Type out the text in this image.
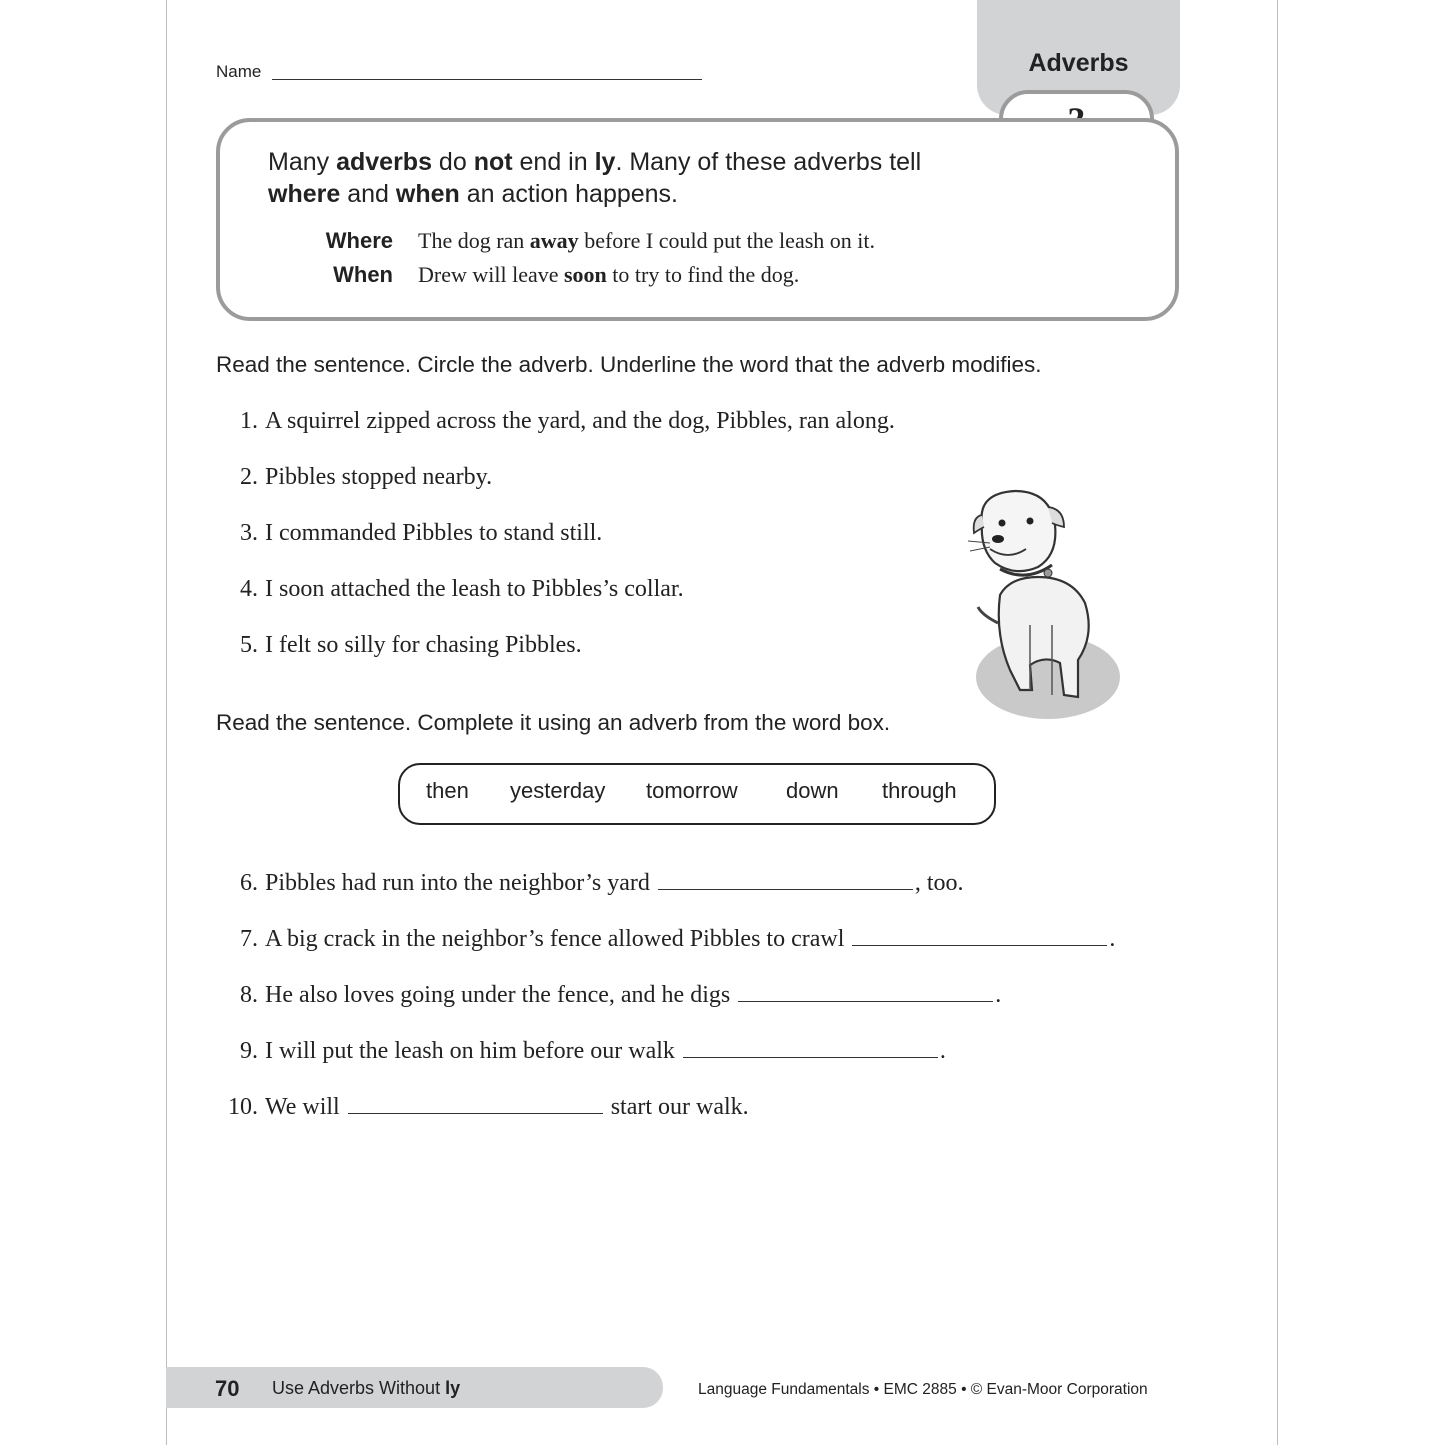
Name	Adverbs
Many adverbs do not end in ly. Many of these adverbs tell where and when an action happens.
Where The dog ran away before I could put the leash on it.
When Drew will leave soon to try to find the dog.
Read the sentence. Circle the adverb. Underline the word that the adverb modifies.
1. A squirrel zipped across the yard, and the dog, Pibbles, ran along.
2. Pibbles stopped nearby.
3. I commanded Pibbles to stand still.
4. I soon attached the leash to Pibbles’s collar.
5. I felt so silly for chasing Pibbles.
Read the sentence. Complete it using an adverb from the word box.
then yesterday tomorrow down through
6. Pibbles had run into the neighbor’s yard	, too.
7. A big crack in the neighbor’s fence allowed Pibbles to crawl	.
8. He also loves going under the fence, and he digs	.
9. I will put the leash on him before our walk	.
10. We will	start our walk.
70 Use Adverbs Without ly	Language Fundamentals • EMC 2885 • © Evan-Moor Corporation
